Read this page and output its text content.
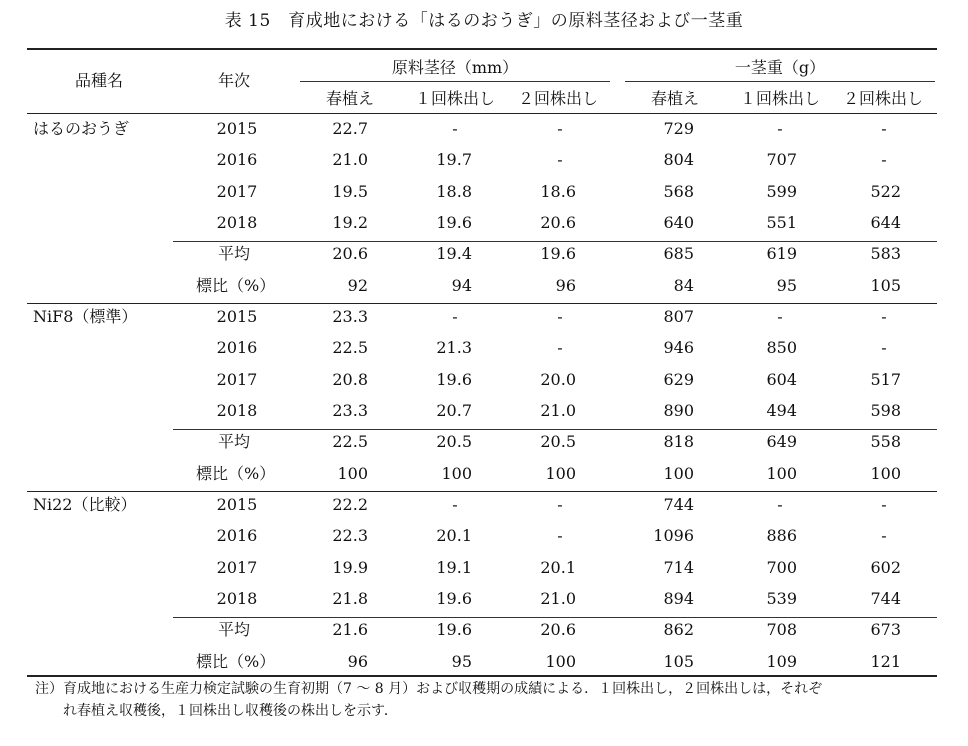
表 15　育成地における「はるのおうぎ」の原料茎径および一茎重
品種名	年次
原料茎径（mm）	一茎重（g）
春植え	１回株出し	２回株出し	春植え	１回株出し	２回株出し
はるのおうぎ	2015	22.7	-	-	729	-	-
2016	21.0	19.7	-	804	707	-
2017	19.5	18.8	18.6	568	599	522
2018	19.2	19.6	20.6	640	551	644
平均	20.6	19.4	19.6	685	619	583
標比（%）	92	94	96	84	95	105
NiF8（標準）	2015	23.3	-	-	807	-	-
2016	22.5	21.3	-	946	850	-
2017	20.8	19.6	20.0	629	604	517
2018	23.3	20.7	21.0	890	494	598
平均	22.5	20.5	20.5	818	649	558
標比（%）	100	100	100	100	100	100
Ni22（比較）	2015	22.2	-	-	744	-	-
2016	22.3	20.1	-	1096	886	-
2017	19.9	19.1	20.1	714	700	602
2018	21.8	19.6	21.0	894	539	744
平均	21.6	19.6	20.6	862	708	673
標比（%）	96	95	100	105	109	121
注）育成地における生産力検定試験の生育初期（7 ～ 8 月）および収穫期の成績による．１回株出し，２回株出しは，それぞ
れ春植え収穫後，１回株出し収穫後の株出しを示す．
